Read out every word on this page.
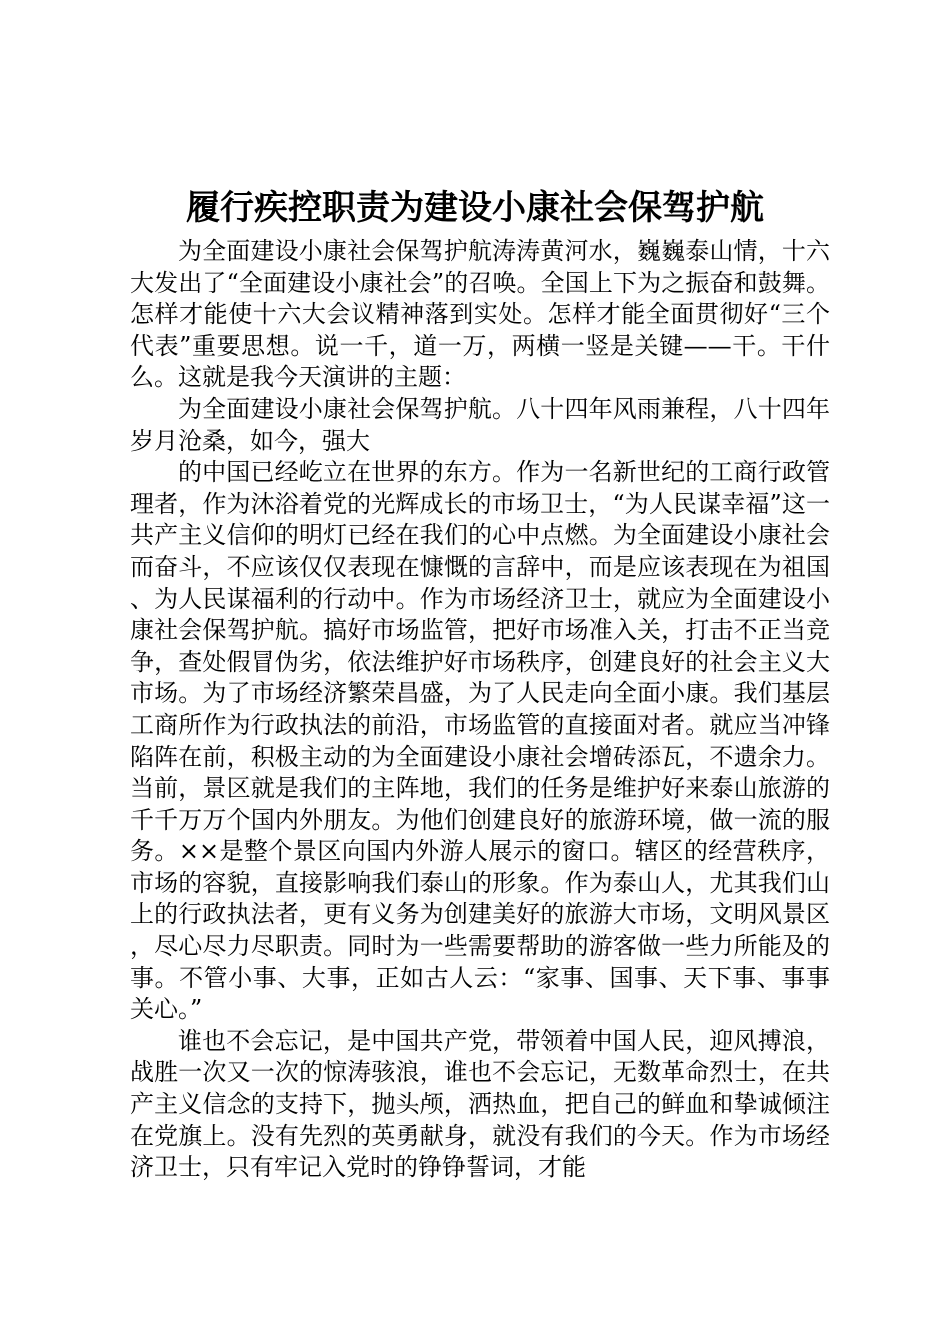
履行疾控职责为建设小康社会保驾护航

为全面建设小康社会保驾护航涛涛黄河水，巍巍泰山情，十六大发出了“全面建设小康社会”的召唤。全国上下为之振奋和鼓舞。怎样才能使十六大会议精神落到实处。怎样才能全面贯彻好“三个代表”重要思想。说一千，道一万，两横一竖是关键——干。干什么。这就是我今天演讲的主题：

为全面建设小康社会保驾护航。八十四年风雨兼程，八十四年岁月沧桑，如今，强大

的中国已经屹立在世界的东方。作为一名新世纪的工商行政管理者，作为沐浴着党的光辉成长的市场卫士，“为人民谋幸福”这一共产主义信仰的明灯已经在我们的心中点燃。为全面建设小康社会而奋斗，不应该仅仅表现在慷慨的言辞中，而是应该表现在为祖国、为人民谋福利的行动中。作为市场经济卫士，就应为全面建设小康社会保驾护航。搞好市场监管，把好市场准入关，打击不正当竞争，查处假冒伪劣，依法维护好市场秩序，创建良好的社会主义大市场。为了市场经济繁荣昌盛，为了人民走向全面小康。我们基层工商所作为行政执法的前沿，市场监管的直接面对者。就应当冲锋陷阵在前，积极主动的为全面建设小康社会增砖添瓦，不遗余力。当前，景区就是我们的主阵地，我们的任务是维护好来泰山旅游的千千万万个国内外朋友。为他们创建良好的旅游环境，做一流的服务。××是整个景区向国内外游人展示的窗口。辖区的经营秩序，市场的容貌，直接影响我们泰山的形象。作为泰山人，尤其我们山上的行政执法者，更有义务为创建美好的旅游大市场，文明风景区，尽心尽力尽职责。同时为一些需要帮助的游客做一些力所能及的事。不管小事、大事，正如古人云：“家事、国事、天下事、事事关心。”

谁也不会忘记，是中国共产党，带领着中国人民，迎风搏浪，战胜一次又一次的惊涛骇浪，谁也不会忘记，无数革命烈士，在共产主义信念的支持下，抛头颅，洒热血，把自己的鲜血和挚诚倾注在党旗上。没有先烈的英勇献身，就没有我们的今天。作为市场经济卫士，只有牢记入党时的铮铮誓词，才能
